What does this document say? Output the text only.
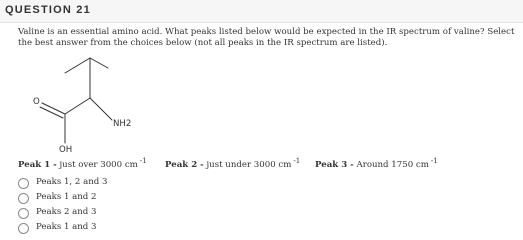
QUESTION 21
Valine is an essential amino acid. What peaks listed below would be expected in the IR spectrum of valine? Select the best answer from the choices below (not all peaks in the IR spectrum are listed).
O
NH2
OH
Peak 1 - just over 3000 cm $^{-1}$ Peak 2 - just under 3000 cm $^{-1}$ Peak 3 - Around 1750 cm $^{-1}$
Peaks 1, 2 and 3
Peaks 1 and 2
Peaks 2 and 3
Peaks 1 and 3
